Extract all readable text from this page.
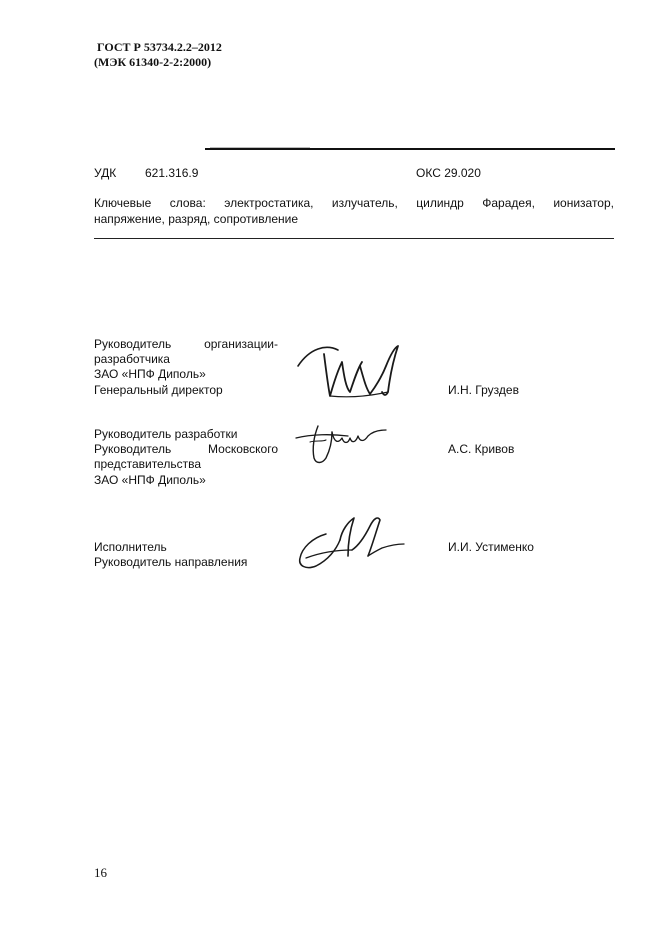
ГОСТ Р 53734.2.2–2012
(МЭК 61340-2-2:2000)
УДК 621.316.9	ОКС 29.020
Ключевые слова: электростатика, излучатель, цилиндр Фарадея, ионизатор,
напряжение, разряд, сопротивление
Руководитель организации-
разработчика
ЗАО «НПФ Диполь»
Генеральный директор	И.Н. Груздев
Руководитель разработки
Руководитель Московского
представительства
ЗАО «НПФ Диполь»
А.С. Кривов
Исполнитель
Руководитель направления
И.И. Устименко
16
